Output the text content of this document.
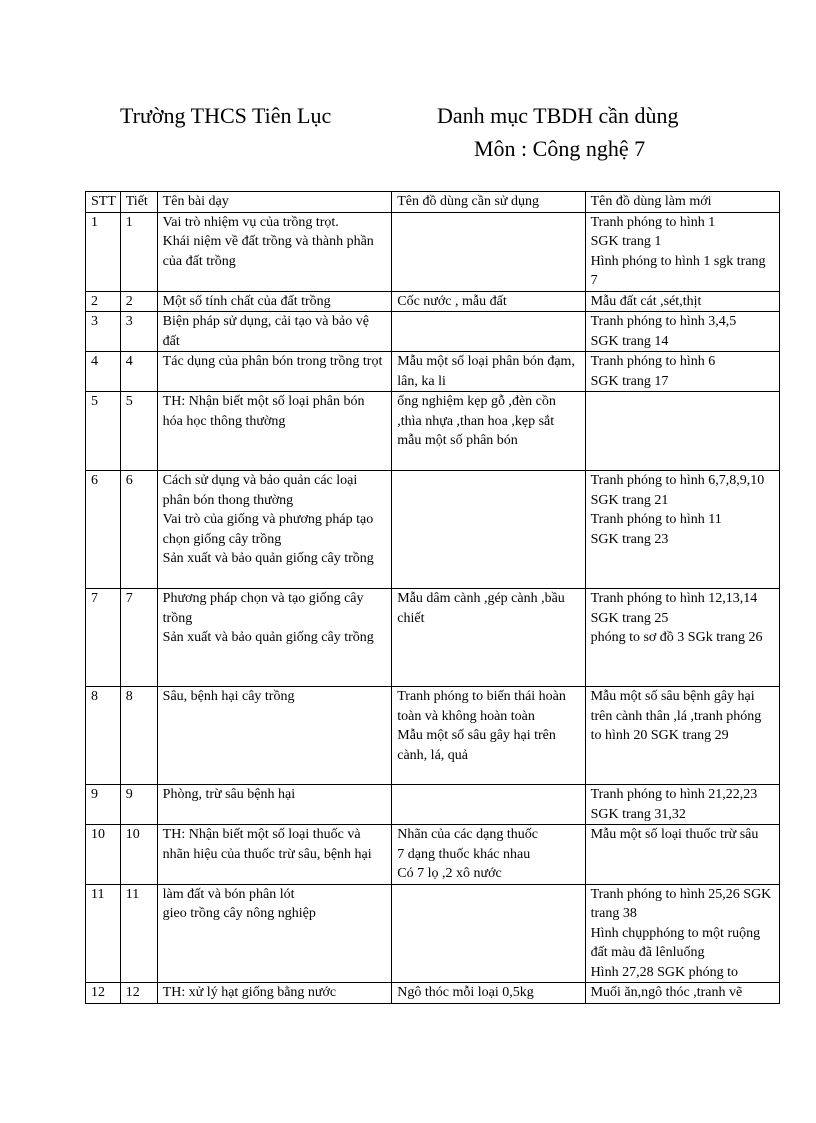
Trường THCS Tiên Lục	Danh mục TBDH cần dùng
Môn : Công nghệ 7
STT	Tiết	Tên bài dạy	Tên đồ dùng cần sử dụng	Tên đồ dùng làm mới
1	1	Vai trò nhiệm vụ của trồng trọt.
Khái niệm về đất trồng và thành phần của đất trồng		Tranh phóng to hình 1
SGK trang 1
Hình phóng to hình 1 sgk trang 7
2	2	Một số tính chất của đất trồng	Cốc nước , mẫu đất	Mẫu đất cát ,sét,thịt
3	3	Biện pháp sử dụng, cải tạo và bảo vệ đất		Tranh phóng to hình 3,4,5
SGK trang 14
4	4	Tác dụng của phân bón trong trồng trọt	Mẫu một số loại phân bón đạm, lân, ka li	Tranh phóng to hình 6
SGK trang 17
5	5	TH: Nhận biết một số loại phân bón hóa học thông thường	ống nghiệm kẹp gỗ ,đèn cồn ,thìa nhựa ,than hoa ,kẹp sắt
mẫu một số phân bón	
6	6	Cách sử dụng và bảo quản các loại phân bón thong thường
Vai trò của giống và phương pháp tạo chọn giống cây trồng
Sản xuất và bảo quản giống cây trồng		Tranh phóng to hình 6,7,8,9,10 SGK trang 21
Tranh phóng to hình 11
SGK trang 23
7	7	Phương pháp chọn và tạo giống cây trồng
Sản xuất và bảo quản giống cây trồng	Mẫu dâm cành ,gép cành ,bầu chiết	Tranh phóng to hình 12,13,14 SGK trang 25
phóng to sơ đồ 3 SGk trang 26
8	8	Sâu, bệnh hại cây trồng	Tranh phóng to biến thái hoàn toàn và không hoàn toàn
Mẫu một số sâu gây hại trên cành, lá, quả	Mẫu một số sâu bệnh gây hại trên cành thân ,lá ,tranh phóng to hình 20 SGK trang 29
9	9	Phòng, trừ sâu bệnh hại		Tranh phóng to hình 21,22,23 SGK trang 31,32
10	10	TH: Nhận biết một số loại thuốc và nhãn hiệu của thuốc trừ sâu, bệnh hại	Nhãn của các dạng thuốc
7 dạng thuốc khác nhau
Có 7 lọ ,2 xô nước	Mẫu một số loại thuốc trừ sâu
11	11	làm đất và bón phân lót
gieo trồng cây nông nghiệp		Tranh phóng to hình 25,26 SGK trang 38
Hình chụpphóng to một ruộng đất màu đã lênluống
Hình 27,28 SGK phóng to
12	12	TH: xử lý hạt giống bằng nước	Ngô thóc mỗi loại 0,5kg	Muối ăn,ngô thóc ,tranh vẽ
